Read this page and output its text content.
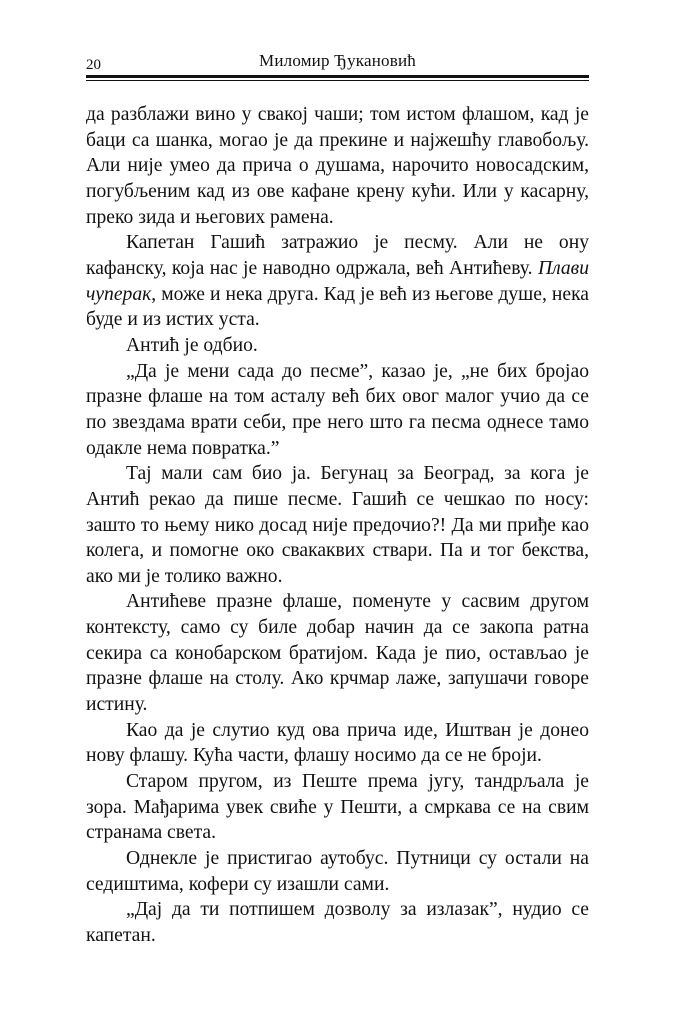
20	Миломир Ђукановић

да разблажи вино у свакој чаши; том истом флашом, кад је баци са шанка, могао је да прекине и најжешћу главобољу. Али није умео да прича о душама, нарочито новосадским, погубљеним кад из ове кафане крену кући. Или у касарну, преко зида и његових рамена.

Капетан Гашић затражио је песму. Али не ону кафанску, која нас је наводно одржала, већ Антићеву. Плави чуперак, може и нека друга. Кад је већ из његове душе, нека буде и из истих уста.

Антић је одбио.

„Да је мени сада до песме”, казао је, „не бих бројао празне флаше на том асталу већ бих овог малог учио да се по звездама врати себи, пре него што га песма однесе тамо одакле нема повратка.”

Тај мали сам био ја. Бегунац за Београд, за кога је Антић рекао да пише песме. Гашић се чешкао по носу: зашто то њему нико досад није предочио?! Да ми приђе као колега, и помогне око свакаквих ствари. Па и тог бекства, ако ми је толико важно.

Антићеве празне флаше, поменуте у сасвим другом контексту, само су биле добар начин да се закопа ратна секира са конобарском братијом. Када је пио, остављао је празне флаше на столу. Ако крчмар лаже, запушачи говоре истину.

Као да је слутио куд ова прича иде, Иштван је донео нову флашу. Кућа части, флашу носимо да се не броји.

Старом пругом, из Пеште према југу, тандрљала је зора. Мађарима увек свиће у Пешти, а смркава се на свим странама света.

Однекле је пристигао аутобус. Путници су остали на седиштима, кофери су изашли сами.

„Дај да ти потпишем дозволу за излазак”, нудио се капетан.
